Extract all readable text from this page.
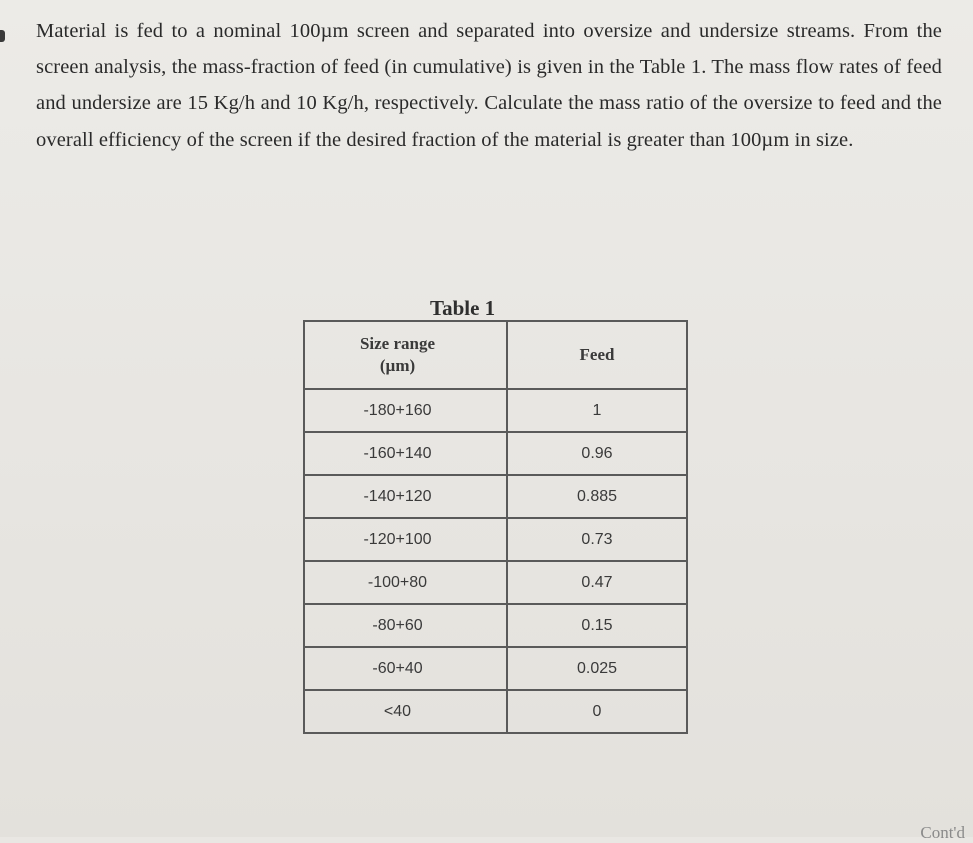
Material is fed to a nominal 100µm screen and separated into oversize and undersize streams. From the screen analysis, the mass-fraction of feed (in cumulative) is given in the Table 1. The mass flow rates of feed and undersize are 15 Kg/h and 10 Kg/h, respectively. Calculate the mass ratio of the oversize to feed and the overall efficiency of the screen if the desired fraction of the material is greater than 100µm in size.

Table 1
Size range
(µm)	Feed
-180+160	1
-160+140	0.96
-140+120	0.885
-120+100	0.73
-100+80	0.47
-80+60	0.15
-60+40	0.025
<40	0
Cont'd
